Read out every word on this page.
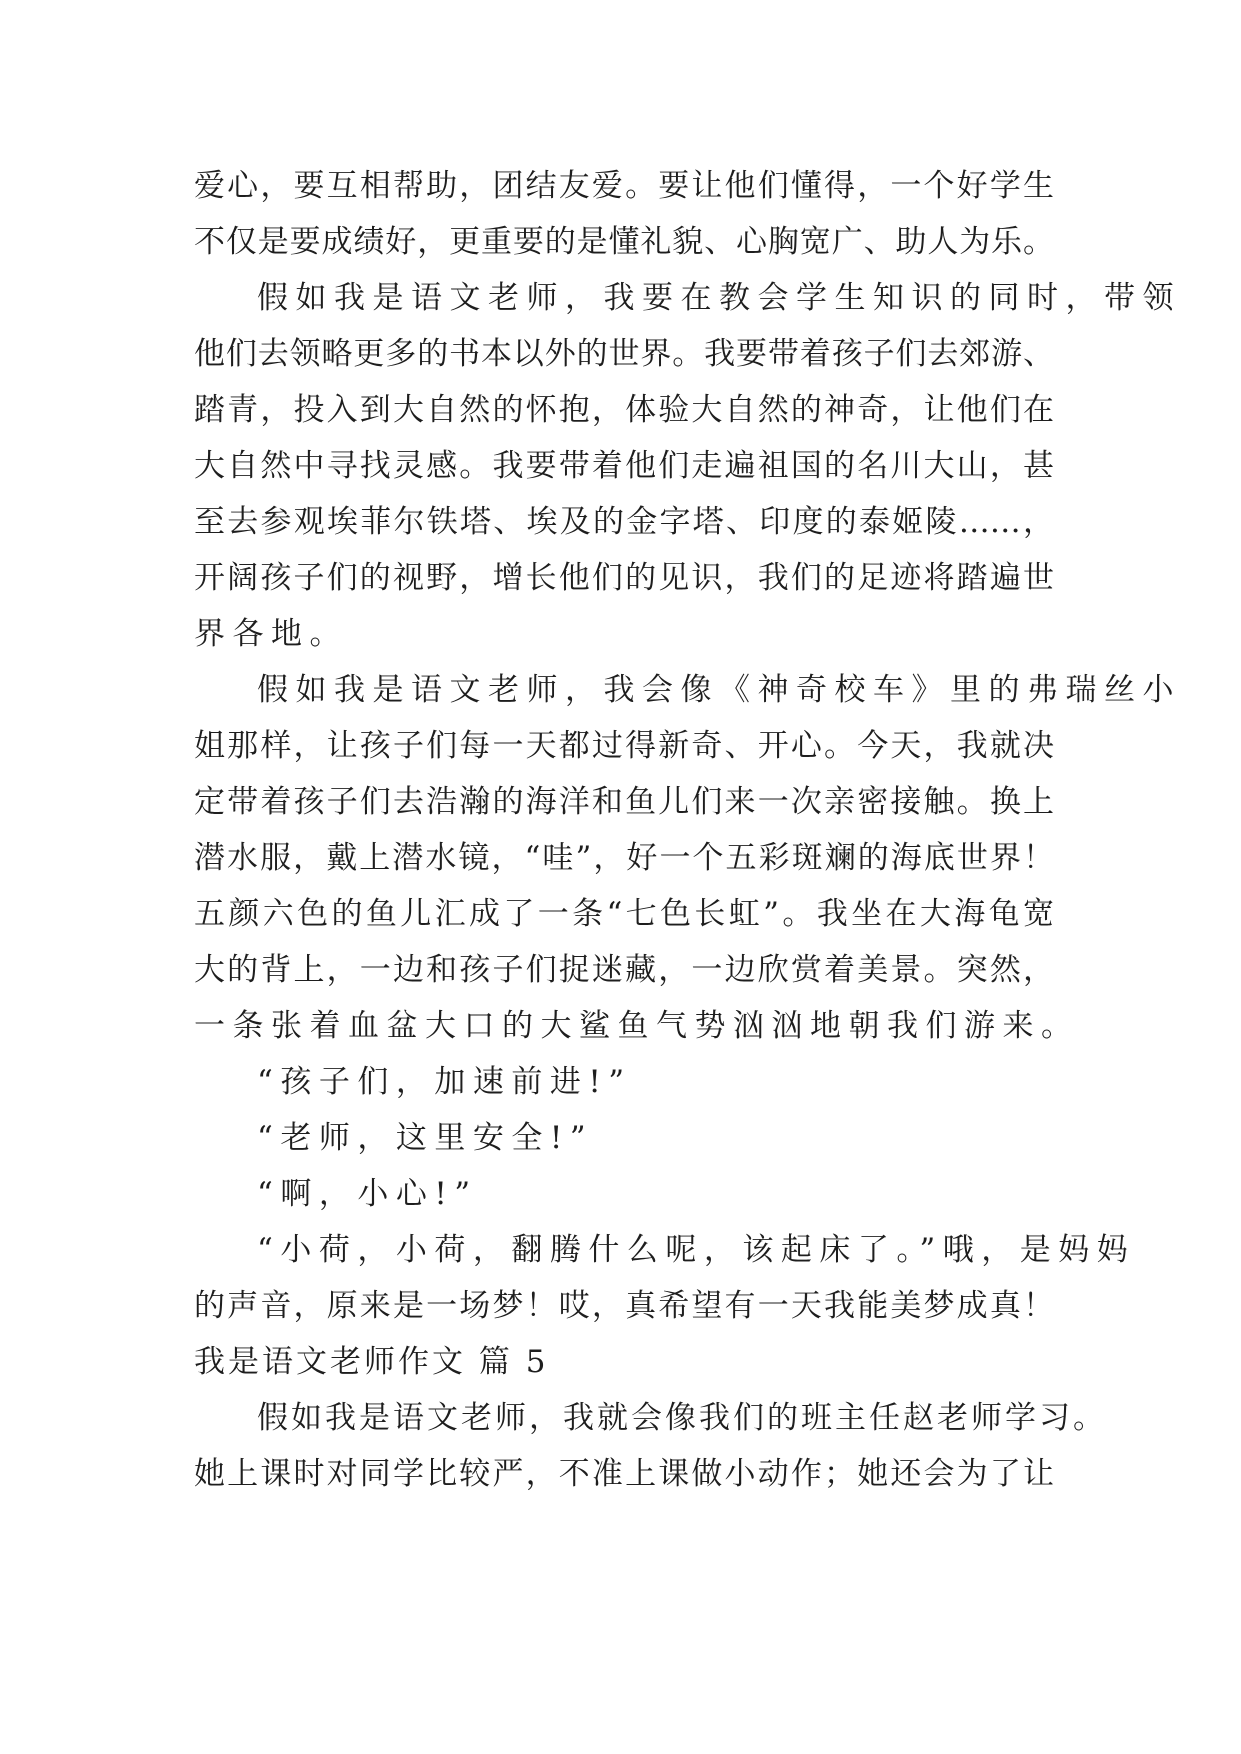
爱心，要互相帮助，团结友爱。要让他们懂得，一个好学生

不仅是要成绩好，更重要的是懂礼貌、心胸宽广、助人为乐。

假如我是语文老师，我要在教会学生知识的同时，带领

他们去领略更多的书本以外的世界。我要带着孩子们去郊游、

踏青，投入到大自然的怀抱，体验大自然的神奇，让他们在

大自然中寻找灵感。我要带着他们走遍祖国的名川大山，甚

至去参观埃菲尔铁塔、埃及的金字塔、印度的泰姬陵……，

开阔孩子们的视野，增长他们的见识，我们的足迹将踏遍世

界各地。

假如我是语文老师，我会像《神奇校车》里的弗瑞丝小

姐那样，让孩子们每一天都过得新奇、开心。今天，我就决

定带着孩子们去浩瀚的海洋和鱼儿们来一次亲密接触。换上

潜水服，戴上潜水镜，“哇”，好一个五彩斑斓的海底世界！

五颜六色的鱼儿汇成了一条“七色长虹”。我坐在大海龟宽

大的背上，一边和孩子们捉迷藏，一边欣赏着美景。突然，

一条张着血盆大口的大鲨鱼气势汹汹地朝我们游来。

“孩子们，加速前进!”

“老师，这里安全!”

“啊，小心!”

“小荷，小荷，翻腾什么呢，该起床了。”哦，是妈妈

的声音，原来是一场梦！哎，真希望有一天我能美梦成真！

我是语文老师作文 篇 5

假如我是语文老师，我就会像我们的班主任赵老师学习。

她上课时对同学比较严，不准上课做小动作；她还会为了让
